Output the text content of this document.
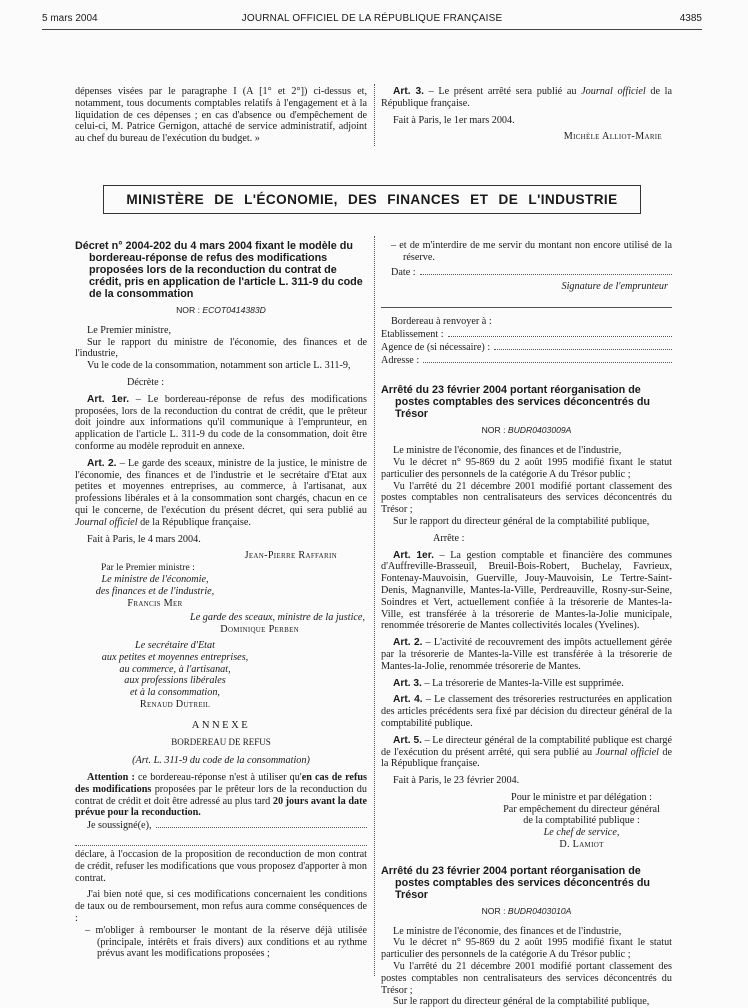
5 mars 2004	JOURNAL OFFICIEL DE LA RÉPUBLIQUE FRANÇAISE	4385

dépenses visées par le paragraphe I (A [1° et 2°]) ci-dessus et, notamment, tous documents comptables relatifs à l'engagement et à la liquidation de ces dépenses ; en cas d'absence ou d'empêchement de celui-ci, M. Patrice Gernigon, attaché de service administratif, adjoint au chef du bureau de l'exécution du budget. »

Art. 3. – Le présent arrêté sera publié au Journal officiel de la République française.

Fait à Paris, le 1er mars 2004.

Michèle Alliot-Marie

MINISTÈRE DE L'ÉCONOMIE, DES FINANCES ET DE L'INDUSTRIE

Décret n° 2004-202 du 4 mars 2004 fixant le modèle du bordereau-réponse de refus des modifications proposées lors de la reconduction du contrat de crédit, pris en application de l'article L. 311-9 du code de la consommation

NOR : ECOT0414383D

Le Premier ministre,

Sur le rapport du ministre de l'économie, des finances et de l'industrie,

Vu le code de la consommation, notamment son article L. 311-9,

Décrète :

Art. 1er. – Le bordereau-réponse de refus des modifications proposées, lors de la reconduction du contrat de crédit, que le prêteur doit joindre aux informations qu'il communique à l'emprunteur, en application de l'article L. 311-9 du code de la consommation, doit être conforme au modèle reproduit en annexe.

Art. 2. – Le garde des sceaux, ministre de la justice, le ministre de l'économie, des finances et de l'industrie et le secrétaire d'Etat aux petites et moyennes entreprises, au commerce, à l'artisanat, aux professions libérales et à la consommation sont chargés, chacun en ce qui le concerne, de l'exécution du présent décret, qui sera publié au Journal officiel de la République française.

Fait à Paris, le 4 mars 2004.

Jean-Pierre Raffarin

Par le Premier ministre :

Le ministre de l'économie,

des finances et de l'industrie,

Francis Mer

Le garde des sceaux, ministre de la justice,

Dominique Perben

Le secrétaire d'Etat

aux petites et moyennes entreprises,

au commerce, à l'artisanat,

aux professions libérales

et à la consommation,

Renaud Dutreil

ANNEXE

BORDEREAU DE REFUS

(Art. L. 311-9 du code de la consommation)

Attention : ce bordereau-réponse n'est à utiliser qu'en cas de refus des modifications proposées par le prêteur lors de la reconduction du contrat de crédit et doit être adressé au plus tard 20 jours avant la date prévue pour la reconduction.

Je soussigné(e),

déclare, à l'occasion de la proposition de reconduction de mon contrat de crédit, refuser les modifications que vous proposez d'apporter à mon contrat.

J'ai bien noté que, si ces modifications concernaient les conditions de taux ou de remboursement, mon refus aura comme conséquences de :

– m'obliger à rembourser le montant de la réserve déjà utilisée (principale, intérêts et frais divers) aux conditions et au rythme prévus avant les modifications proposées ;

– et de m'interdire de me servir du montant non encore utilisé de la réserve.

Date :

Signature de l'emprunteur

Bordereau à renvoyer à :

Etablissement :
Agence de (si nécessaire) :
Adresse :

Arrêté du 23 février 2004 portant réorganisation de postes comptables des services déconcentrés du Trésor

NOR : BUDR0403009A

Le ministre de l'économie, des finances et de l'industrie,

Vu le décret n° 95-869 du 2 août 1995 modifié fixant le statut particulier des personnels de la catégorie A du Trésor public ;

Vu l'arrêté du 21 décembre 2001 modifié portant classement des postes comptables non centralisateurs des services déconcentrés du Trésor ;

Sur le rapport du directeur général de la comptabilité publique,

Arrête :

Art. 1er. – La gestion comptable et financière des communes d'Auffreville-Brasseuil, Breuil-Bois-Robert, Buchelay, Favrieux, Fontenay-Mauvoisin, Guerville, Jouy-Mauvoisin, Le Tertre-Saint-Denis, Magnanville, Mantes-la-Ville, Perdreauville, Rosny-sur-Seine, Soindres et Vert, actuellement confiée à la trésorerie de Mantes-la-Ville, est transférée à la trésorerie de Mantes-la-Jolie municipale, renommée trésorerie de Mantes collectivités locales (Yvelines).

Art. 2. – L'activité de recouvrement des impôts actuellement gérée par la trésorerie de Mantes-la-Ville est transférée à la trésorerie de Mantes-la-Jolie, renommée trésorerie de Mantes.

Art. 3. – La trésorerie de Mantes-la-Ville est supprimée.

Art. 4. – Le classement des trésoreries restructurées en application des articles précédents sera fixé par décision du directeur général de la comptabilité publique.

Art. 5. – Le directeur général de la comptabilité publique est chargé de l'exécution du présent arrêté, qui sera publié au Journal officiel de la République française.

Fait à Paris, le 23 février 2004.

Pour le ministre et par délégation :

Par empêchement du directeur général

de la comptabilité publique :

Le chef de service,

D. Lamiot

Arrêté du 23 février 2004 portant réorganisation de postes comptables des services déconcentrés du Trésor

NOR : BUDR0403010A

Le ministre de l'économie, des finances et de l'industrie,

Vu le décret n° 95-869 du 2 août 1995 modifié fixant le statut particulier des personnels de la catégorie A du Trésor public ;

Vu l'arrêté du 21 décembre 2001 modifié portant classement des postes comptables non centralisateurs des services déconcentrés du Trésor ;

Sur le rapport du directeur général de la comptabilité publique,
